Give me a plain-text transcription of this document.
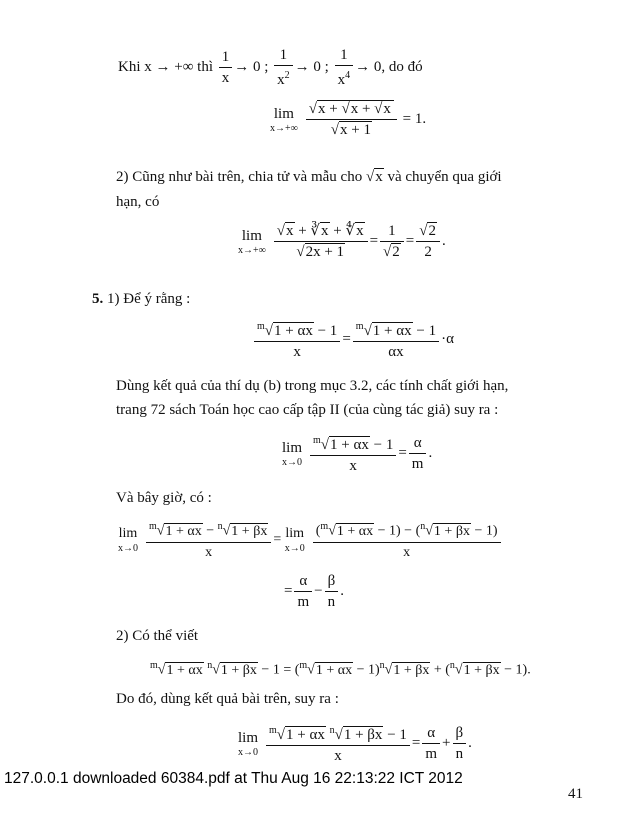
Khi x → +∞ thì $\frac{1}{x} \to 0$ ; $\frac{1}{x^2} \to 0$ ; $\frac{1}{x^4} \to 0$, do đó
lim
$x\to+\infty \frac{√x + √x + √x}{√x + 1} = 1$.
2) Cũng như bài trên, chia tử và mẫu cho √x và chuyển qua giới
hạn, có
lim
$x\to+\infty \frac{√x + ∛x + ∜x}{√2x + 1} = \frac{1}{√2} = \frac{√2}{2}$ .
5. 1) Để ý rằng :
$\frac{^m√1 + \alpha x - 1}{x} = \frac{^m√1 + \alpha x - 1}{\alpha x} \cdot\alpha$
Dùng kết quả của thí dụ (b) trong mục 3.2, các tính chất giới hạn,
trang 72 sách Toán học cao cấp tập II (của cùng tác giả) suy ra :
lim
$x\to 0 \frac{^m√1 + \alpha x - 1}{x} = \frac{\alpha}{m}$ .
Và bây giờ, có :
lim
$x\to 0 \frac{^m√1 + \alpha x - ^n√1 + \beta x}{x} = \lim$
$x\to 0 \frac{(^m√1 + \alpha x - 1) - (^n√1 + \beta x - 1)}{x}$
= $\frac{\alpha}{m} - \frac{\beta}{n}$ .
2) Có thể viết
$^m$√1 + αx $^n√1 + \beta x - 1 = (^m√1 + \alpha x - 1)^n√1 + \beta x + (^n√1 + \beta x - 1)$.
Do đó, dùng kết quả bài trên, suy ra :
lim
$x\to 0 \frac{^m√1 + \alpha x ^n√1 + \beta x - 1}{x} = \frac{\alpha}{m} + \frac{\beta}{n}$ .
127.0.0.1 downloaded 60384.pdf at Thu Aug 16 22:13:22 ICT 2012
41
